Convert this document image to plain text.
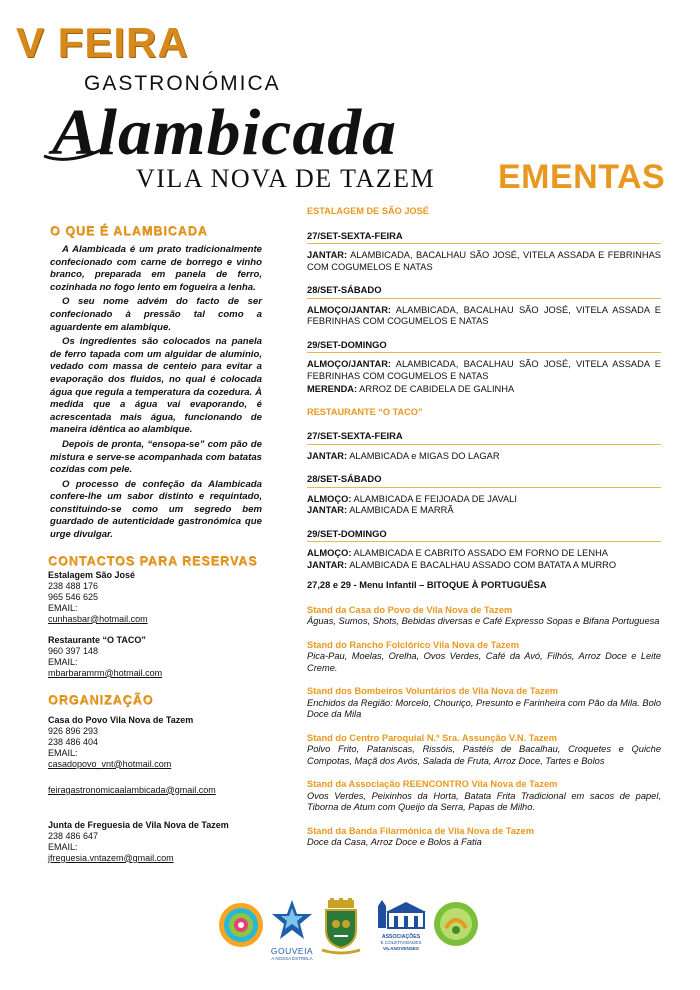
V FEIRA
GASTRONÓMICA
Alambicada
VILA NOVA DE TAZEM EMENTAS
O QUE É ALAMBICADA

A Alambicada é um prato tradicionalmente confecionado com carne de borrego e vinho branco, preparada em panela de ferro, cozinhada no fogo lento em fogueira a lenha.

O seu nome advém do facto de ser confecionado à pressão tal como a aguardente em alambique.

Os ingredientes são colocados na panela de ferro tapada com um alguidar de alumínio, vedado com massa de centeio para evitar a evaporação dos fluidos, no qual é colocada água que regula a temperatura da cozedura. À medida que a água vai evaporando, é acrescentada mais água, funcionando de maneira idêntica ao alambique.

Depois de pronta, “ensopa-se” com pão de mistura e serve-se acompanhada com batatas cozidas com pele.

O processo de confeção da Alambicada confere-lhe um sabor distinto e requintado, constituindo-se como um segredo bem guardado de autenticidade gastronómica que urge divulgar.

CONTACTOS PARA RESERVAS
Estalagem São José
238 488 176
965 546 625
EMAIL:
cunhasbar@hotmail.com
Restaurante “O TACO”
960 397 148
EMAIL:
mbarbaramrm@hotmail.com
ORGANIZAÇÃO
Casa do Povo Vila Nova de Tazem
926 896 293
238 486 404
EMAIL:
casadopovo_vnt@hotmail.com
feiragastronomicaalambicada@gmail.com
Junta de Freguesia de Vila Nova de Tazem
238 486 647
EMAIL:
jfreguesia.vntazem@gmail.com
ESTALAGEM DE SÃO JOSÉ
27/SET-SEXTA-FEIRA
JANTAR: ALAMBICADA, BACALHAU SÃO JOSÉ, VITELA ASSADA E FEBRINHAS COM COGUMELOS E NATAS
28/SET-SÁBADO
ALMOÇO/JANTAR: ALAMBICADA, BACALHAU SÃO JOSÉ, VITELA ASSADA E FEBRINHAS COM COGUMELOS E NATAS
29/SET-DOMINGO
ALMOÇO/JANTAR: ALAMBICADA, BACALHAU SÃO JOSÉ, VITELA ASSADA E FEBRINHAS COM COGUMELOS E NATAS
MERENDA: ARROZ DE CABIDELA DE GALINHA
RESTAURANTE “O TACO”
27/SET-SEXTA-FEIRA
JANTAR: ALAMBICADA e MIGAS DO LAGAR
28/SET-SÁBADO
ALMOÇO: ALAMBICADA E FEIJOADA DE JAVALI
JANTAR: ALAMBICADA E MARRÃ
29/SET-DOMINGO
ALMOÇO: ALAMBICADA E CABRITO ASSADO EM FORNO DE LENHA
JANTAR: ALAMBICADA E BACALHAU ASSADO COM BATATA A MURRO
27,28 e 29 - Menu Infantil – BITOQUE À PORTUGUÊSA
Stand da Casa do Povo de Vila Nova de Tazem
Águas, Sumos, Shots, Bebidas diversas e Café Expresso Sopas e Bifana Portuguesa
Stand do Rancho Folclórico Vila Nova de Tazem
Pica-Pau, Moelas, Orelha, Ovos Verdes, Café da Avó, Filhós, Arroz Doce e Leite Creme.
Stand dos Bombeiros Voluntários de Vila Nova de Tazem
Enchidos da Região: Morcelo, Chouriço, Presunto e Farinheira com Pão da Mila. Bolo Doce da Mila
Stand do Centro Paroquial N.º Sra. Assunção V.N. Tazem
Polvo Frito, Pataniscas, Rissóis, Pastéis de Bacalhau, Croquetes e Quiche Compotas, Maçã dos Avós, Salada de Fruta, Arroz Doce, Tartes e Bolos
Stand da Associação REENCONTRO Vila Nova de Tazem
Ovos Verdes, Peixinhos da Horta, Batata Frita Tradicional em sacos de papel, Tiborna de Atum com Queijo da Serra, Papas de Milho.
Stand da Banda Filarmónica de Vila Nova de Tazem
Doce da Casa, Arroz Doce e Bolos à Fatia
GOUVEIA
A NOSSA ESTRELA
ASSOCIAÇÕES
E COLETIVIDADES
VILANOVENSES
